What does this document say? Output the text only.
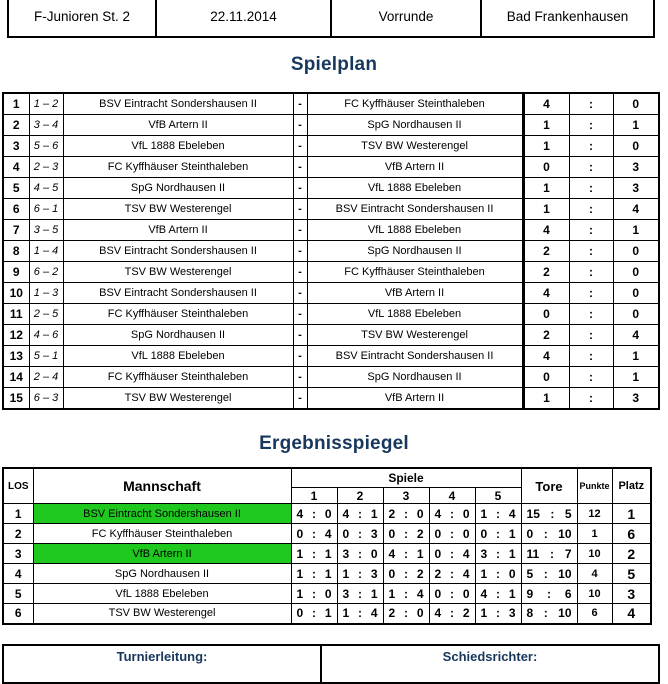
F-Junioren St. 2	22.11.2014	Vorrunde	Bad Frankenhausen
Spielplan
1	1 – 2	BSV Eintracht Sondershausen II	-	FC Kyffhäuser Steinthaleben	4	:	0
2	3 – 4	VfB Artern II	-	SpG Nordhausen II	1	:	1
3	5 – 6	VfL 1888 Ebeleben	-	TSV BW Westerengel	1	:	0
4	2 – 3	FC Kyffhäuser Steinthaleben	-	VfB Artern II	0	:	3
5	4 – 5	SpG Nordhausen II	-	VfL 1888 Ebeleben	1	:	3
6	6 – 1	TSV BW Westerengel	-	BSV Eintracht Sondershausen II	1	:	4
7	3 – 5	VfB Artern II	-	VfL 1888 Ebeleben	4	:	1
8	1 – 4	BSV Eintracht Sondershausen II	-	SpG Nordhausen II	2	:	0
9	6 – 2	TSV BW Westerengel	-	FC Kyffhäuser Steinthaleben	2	:	0
10	1 – 3	BSV Eintracht Sondershausen II	-	VfB Artern II	4	:	0
11	2 – 5	FC Kyffhäuser Steinthaleben	-	VfL 1888 Ebeleben	0	:	0
12	4 – 6	SpG Nordhausen II	-	TSV BW Westerengel	2	:	4
13	5 – 1	VfL 1888 Ebeleben	-	BSV Eintracht Sondershausen II	4	:	1
14	2 – 4	FC Kyffhäuser Steinthaleben	-	SpG Nordhausen II	0	:	1
15	6 – 3	TSV BW Westerengel	-	VfB Artern II	1	:	3
Ergebnisspiegel
LOS	Mannschaft	Spiele					Tore	Punkte	Platz
		1	2	3	4	5			
1	BSV Eintracht Sondershausen II	4 : 0	4 : 1	2 : 0	4 : 0	1 : 4	15 : 5	12	1
2	FC Kyffhäuser Steinthaleben	0 : 4	0 : 3	0 : 2	0 : 0	0 : 1	0 : 10	1	6
3	VfB Artern II	1 : 1	3 : 0	4 : 1	0 : 4	3 : 1	11 : 7	10	2
4	SpG Nordhausen II	1 : 1	1 : 3	0 : 2	2 : 4	1 : 0	5 : 10	4	5
5	VfL 1888 Ebeleben	1 : 0	3 : 1	1 : 4	0 : 0	4 : 1	9 : 6	10	3
6	TSV BW Westerengel	0 : 1	1 : 4	2 : 0	4 : 2	1 : 3	8 : 10	6	4
Turnierleitung:	Schiedsrichter:
